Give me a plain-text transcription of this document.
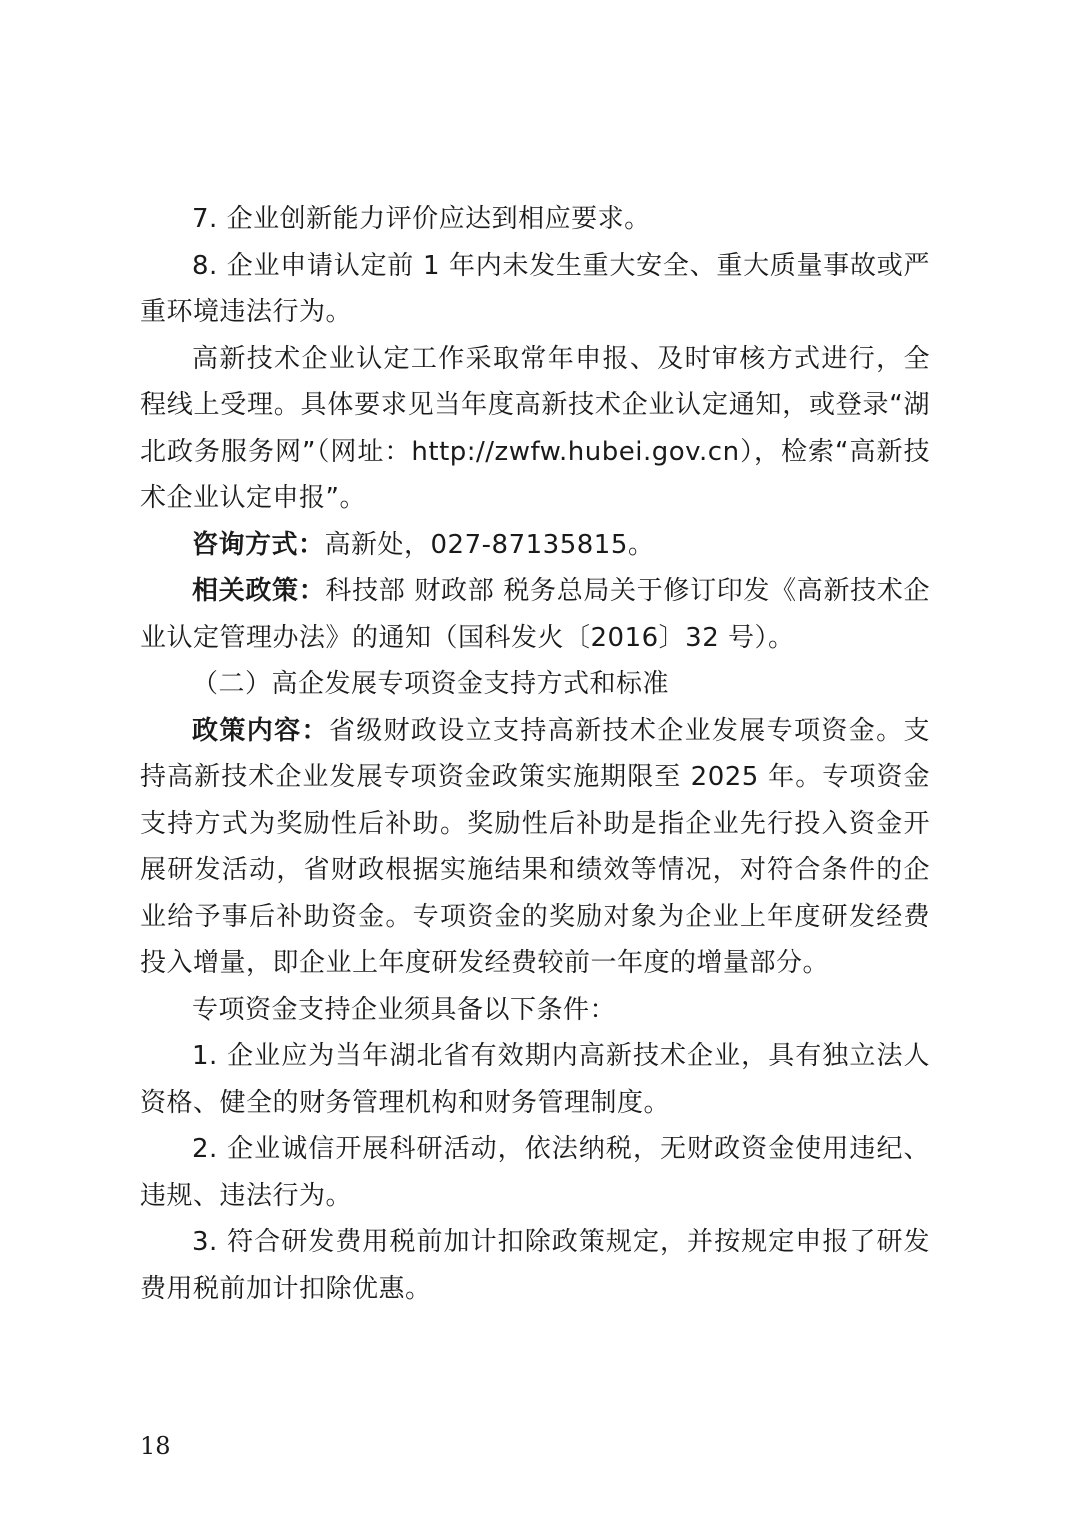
7. 企业创新能力评价应达到相应要求。

8. 企业申请认定前 1 年内未发生重大安全、重大质量事故或严重环境违法行为。

高新技术企业认定工作采取常年申报、及时审核方式进行，全程线上受理。具体要求见当年度高新技术企业认定通知，或登录“湖北政务服务网”（网址：http://zwfw.hubei.gov.cn），检索“高新技术企业认定申报”。

咨询方式：高新处，027-87135815。

相关政策：科技部 财政部 税务总局关于修订印发《高新技术企业认定管理办法》的通知（国科发火〔2016〕32 号）。

（二）高企发展专项资金支持方式和标准

政策内容：省级财政设立支持高新技术企业发展专项资金。支持高新技术企业发展专项资金政策实施期限至 2025 年。专项资金支持方式为奖励性后补助。奖励性后补助是指企业先行投入资金开展研发活动，省财政根据实施结果和绩效等情况，对符合条件的企业给予事后补助资金。专项资金的奖励对象为企业上年度研发经费投入增量，即企业上年度研发经费较前一年度的增量部分。

专项资金支持企业须具备以下条件：

1. 企业应为当年湖北省有效期内高新技术企业，具有独立法人资格、健全的财务管理机构和财务管理制度。

2. 企业诚信开展科研活动，依法纳税，无财政资金使用违纪、违规、违法行为。

3. 符合研发费用税前加计扣除政策规定，并按规定申报了研发费用税前加计扣除优惠。

18
